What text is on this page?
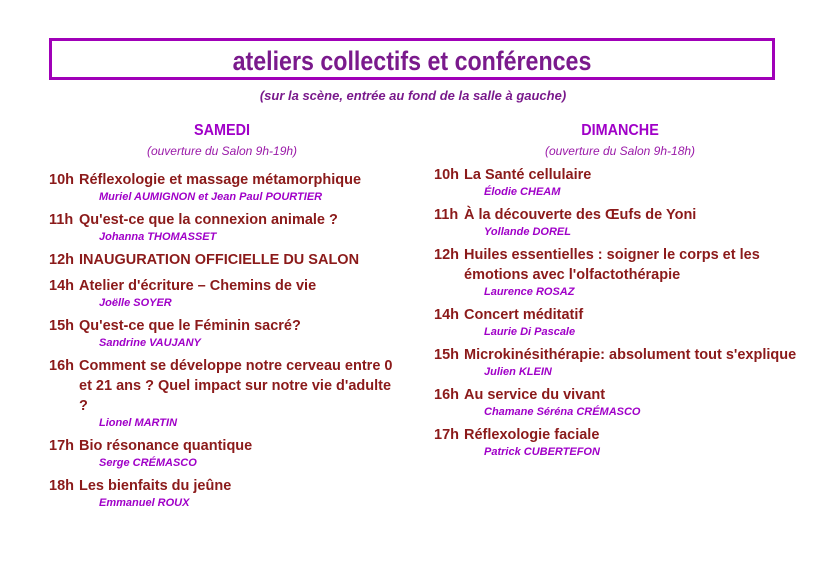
ateliers collectifs et conférences
(sur la scène, entrée au fond de la salle à gauche)
SAMEDI
(ouverture du Salon 9h-19h)
10h Réflexologie et massage métamorphique
Muriel AUMIGNON et Jean Paul POURTIER
11h Qu'est-ce que la connexion animale ?
Johanna THOMASSET
12h INAUGURATION OFFICIELLE DU SALON
14h Atelier d'écriture – Chemins de vie
Joëlle SOYER
15h Qu'est-ce que le Féminin sacré?
Sandrine VAUJANY
16h Comment se développe notre cerveau entre 0 et 21 ans ? Quel impact sur notre vie d'adulte ?
Lionel MARTIN
17h Bio résonance quantique
Serge CRÉMASCO
18h Les bienfaits du jeûne
Emmanuel ROUX
DIMANCHE
(ouverture du Salon 9h-18h)
10h La Santé cellulaire
Élodie CHEAM
11h À la découverte des Œufs de Yoni
Yollande DOREL
12h Huiles essentielles : soigner le corps et les émotions avec l'olfactothérapie
Laurence ROSAZ
14h Concert méditatif
Laurie Di Pascale
15h Microkinésithérapie: absolument tout s'explique
Julien KLEIN
16h Au service du vivant
Chamane Séréna CRÉMASCO
17h Réflexologie faciale
Patrick CUBERTEFON
